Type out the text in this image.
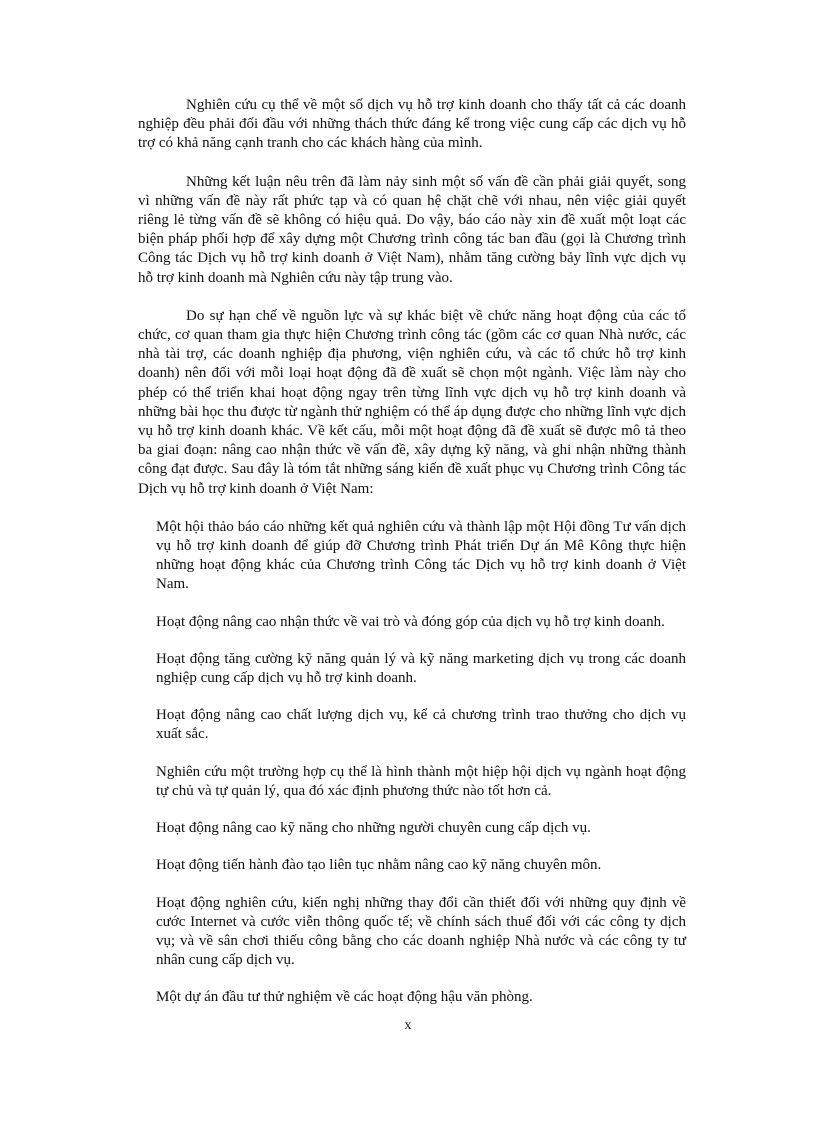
Nghiên cứu cụ thể về một số dịch vụ hỗ trợ kinh doanh cho thấy tất cả các doanh nghiệp đều phải đối đầu với những thách thức đáng kể trong việc cung cấp các dịch vụ hỗ trợ có khả năng cạnh tranh cho các khách hàng của mình.

Những kết luận nêu trên đã làm nảy sinh một số vấn đề cần phải giải quyết, song vì những vấn đề này rất phức tạp và có quan hệ chặt chẽ với nhau, nên việc giải quyết riêng lẻ từng vấn đề sẽ không có hiệu quả. Do vậy, báo cáo này xin đề xuất một loạt các biện pháp phối hợp để xây dựng một Chương trình công tác ban đầu (gọi là Chương trình Công tác Dịch vụ hỗ trợ kinh doanh ở Việt Nam), nhằm tăng cường bảy lĩnh vực dịch vụ hỗ trợ kinh doanh mà Nghiên cứu này tập trung vào.

Do sự hạn chế về nguồn lực và sự khác biệt về chức năng hoạt động của các tổ chức, cơ quan tham gia thực hiện Chương trình công tác (gồm các cơ quan Nhà nước, các nhà tài trợ, các doanh nghiệp địa phương, viện nghiên cứu, và các tổ chức hỗ trợ kinh doanh) nên đối với mỗi loại hoạt động đã đề xuất sẽ chọn một ngành. Việc làm này cho phép có thể triển khai hoạt động ngay trên từng lĩnh vực dịch vụ hỗ trợ kinh doanh và những bài học thu được từ ngành thử nghiệm có thể áp dụng được cho những lĩnh vực dịch vụ hỗ trợ kinh doanh khác. Về kết cấu, mỗi một hoạt động đã đề xuất sẽ được mô tả theo ba giai đoạn: nâng cao nhận thức về vấn đề, xây dựng kỹ năng, và ghi nhận những thành công đạt được. Sau đây là tóm tắt những sáng kiến đề xuất phục vụ Chương trình Công tác Dịch vụ hỗ trợ kinh doanh ở Việt Nam:

Một hội thảo báo cáo những kết quả nghiên cứu và thành lập một Hội đồng Tư vấn dịch vụ hỗ trợ kinh doanh để giúp đỡ Chương trình Phát triển Dự án Mê Kông thực hiện những hoạt động khác của Chương trình Công tác Dịch vụ hỗ trợ kinh doanh ở Việt Nam.
Hoạt động nâng cao nhận thức về vai trò và đóng góp của dịch vụ hỗ trợ kinh doanh.
Hoạt động tăng cường kỹ năng quản lý và kỹ năng marketing dịch vụ trong các doanh nghiệp cung cấp dịch vụ hỗ trợ kinh doanh.
Hoạt động nâng cao chất lượng dịch vụ, kể cả chương trình trao thưởng cho dịch vụ xuất sắc.
Nghiên cứu một trường hợp cụ thể là hình thành một hiệp hội dịch vụ ngành hoạt động tự chủ và tự quản lý, qua đó xác định phương thức nào tốt hơn cả.
Hoạt động nâng cao kỹ năng cho những người chuyên cung cấp dịch vụ.
Hoạt động tiến hành đào tạo liên tục nhằm nâng cao kỹ năng chuyên môn.
Hoạt động nghiên cứu, kiến nghị những thay đổi cần thiết đối với những quy định về cước Internet và cước viễn thông quốc tế; về chính sách thuế đối với các công ty dịch vụ; và về sân chơi thiếu công bằng cho các doanh nghiệp Nhà nước và các công ty tư nhân cung cấp dịch vụ.
Một dự án đầu tư thử nghiệm về các hoạt động hậu văn phòng.
x
